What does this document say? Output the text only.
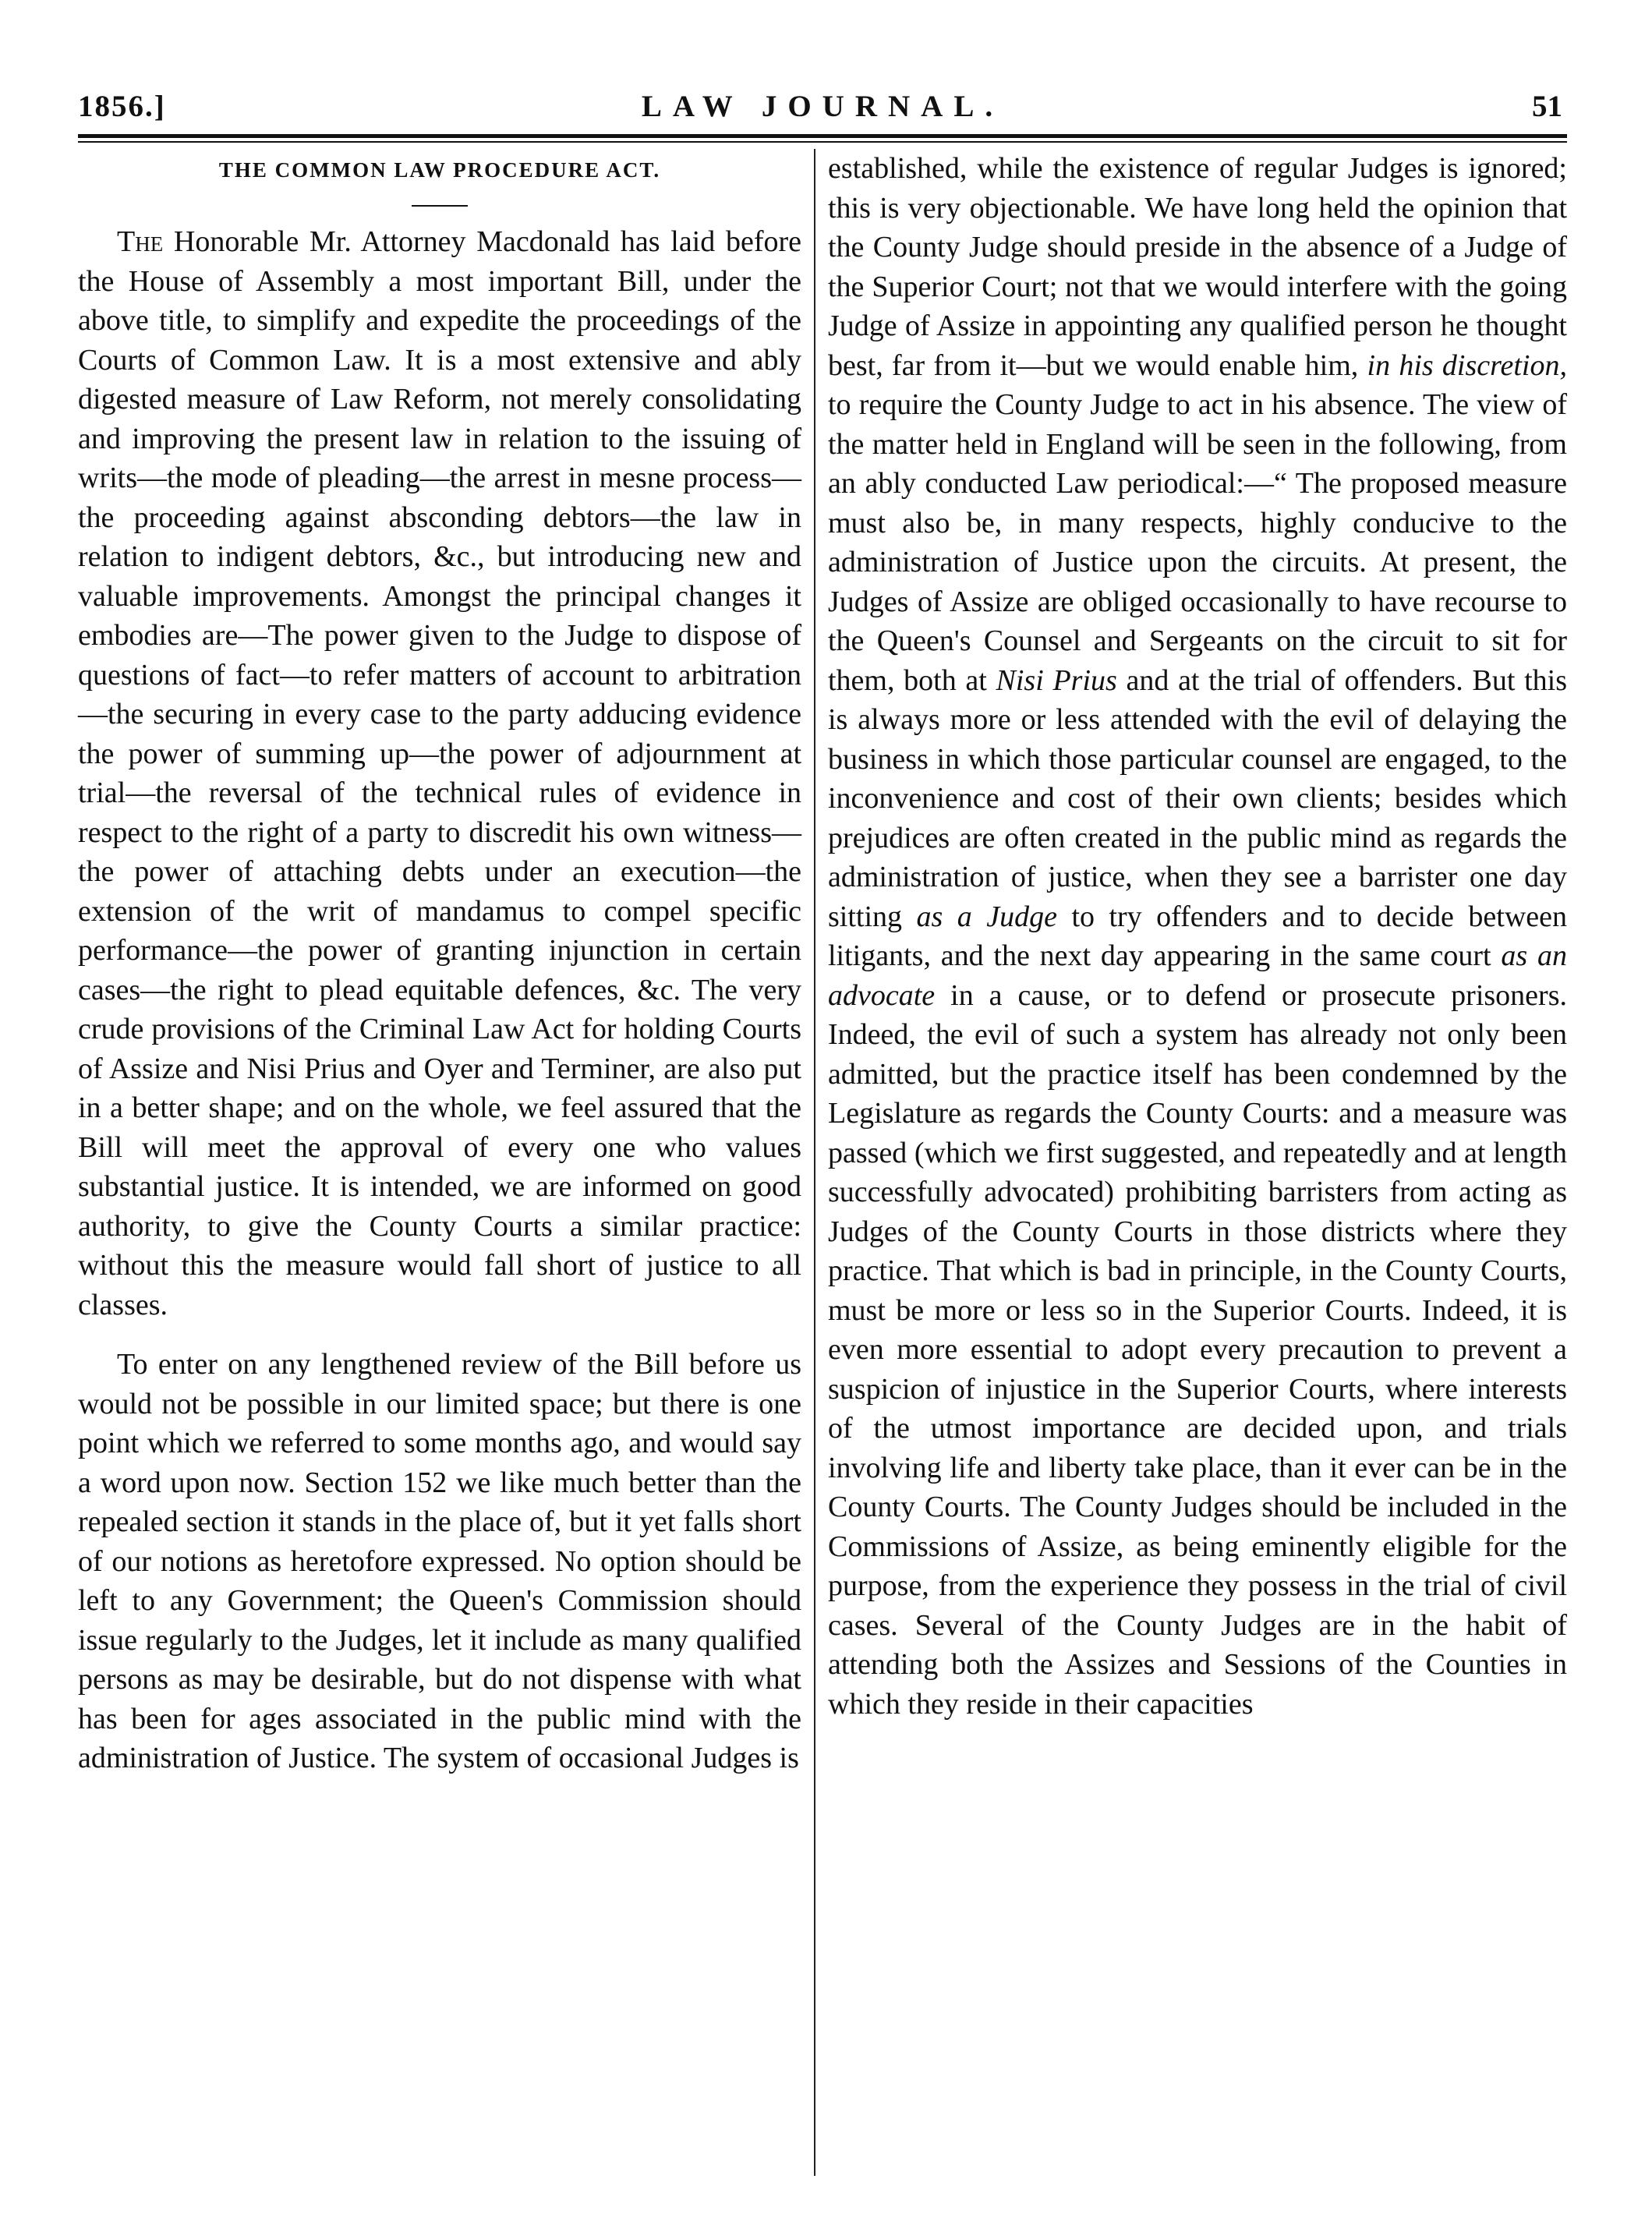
1856.]	LAW JOURNAL.	51
THE COMMON LAW PROCEDURE ACT.

The Honorable Mr. Attorney Macdonald has laid before the House of Assembly a most important Bill, under the above title, to simplify and expedite the proceedings of the Courts of Common Law. It is a most extensive and ably digested measure of Law Reform, not merely consolidating and improving the present law in relation to the issuing of writs—the mode of pleading—the arrest in mesne process—the proceeding against absconding debtors—the law in relation to indigent debtors, &c., but introducing new and valuable improvements. Amongst the principal changes it embodies are—The power given to the Judge to dispose of questions of fact—to refer matters of account to arbitration—the securing in every case to the party adducing evidence the power of summing up—the power of adjournment at trial—the reversal of the technical rules of evidence in respect to the right of a party to discredit his own witness—the power of attaching debts under an execution—the extension of the writ of mandamus to compel specific performance—the power of granting injunction in certain cases—the right to plead equitable defences, &c. The very crude provisions of the Criminal Law Act for holding Courts of Assize and Nisi Prius and Oyer and Terminer, are also put in a better shape; and on the whole, we feel assured that the Bill will meet the approval of every one who values substantial justice. It is intended, we are informed on good authority, to give the County Courts a similar practice: without this the measure would fall short of justice to all classes.

To enter on any lengthened review of the Bill before us would not be possible in our limited space; but there is one point which we referred to some months ago, and would say a word upon now. Section 152 we like much better than the repealed section it stands in the place of, but it yet falls short of our notions as heretofore expressed. No option should be left to any Government; the Queen's Commission should issue regularly to the Judges, let it include as many qualified persons as may be desirable, but do not dispense with what has been for ages associated in the public mind with the administration of Justice. The system of occasional Judges is

established, while the existence of regular Judges is ignored; this is very objectionable. We have long held the opinion that the County Judge should preside in the absence of a Judge of the Superior Court; not that we would interfere with the going Judge of Assize in appointing any qualified person he thought best, far from it—but we would enable him, in his discretion, to require the County Judge to act in his absence. The view of the matter held in England will be seen in the following, from an ably conducted Law periodical:—“ The proposed measure must also be, in many respects, highly conducive to the administration of Justice upon the circuits. At present, the Judges of Assize are obliged occasionally to have recourse to the Queen's Counsel and Sergeants on the circuit to sit for them, both at Nisi Prius and at the trial of offenders. But this is always more or less attended with the evil of delaying the business in which those particular counsel are engaged, to the inconvenience and cost of their own clients; besides which prejudices are often created in the public mind as regards the administration of justice, when they see a barrister one day sitting as a Judge to try offenders and to decide between litigants, and the next day appearing in the same court as an advocate in a cause, or to defend or prosecute prisoners. Indeed, the evil of such a system has already not only been admitted, but the practice itself has been condemned by the Legislature as regards the County Courts: and a measure was passed (which we first suggested, and repeatedly and at length successfully advocated) prohibiting barristers from acting as Judges of the County Courts in those districts where they practice. That which is bad in principle, in the County Courts, must be more or less so in the Superior Courts. Indeed, it is even more essential to adopt every precaution to prevent a suspicion of injustice in the Superior Courts, where interests of the utmost importance are decided upon, and trials involving life and liberty take place, than it ever can be in the County Courts. The County Judges should be included in the Commissions of Assize, as being eminently eligible for the purpose, from the experience they possess in the trial of civil cases. Several of the County Judges are in the habit of attending both the Assizes and Sessions of the Counties in which they reside in their capacities
